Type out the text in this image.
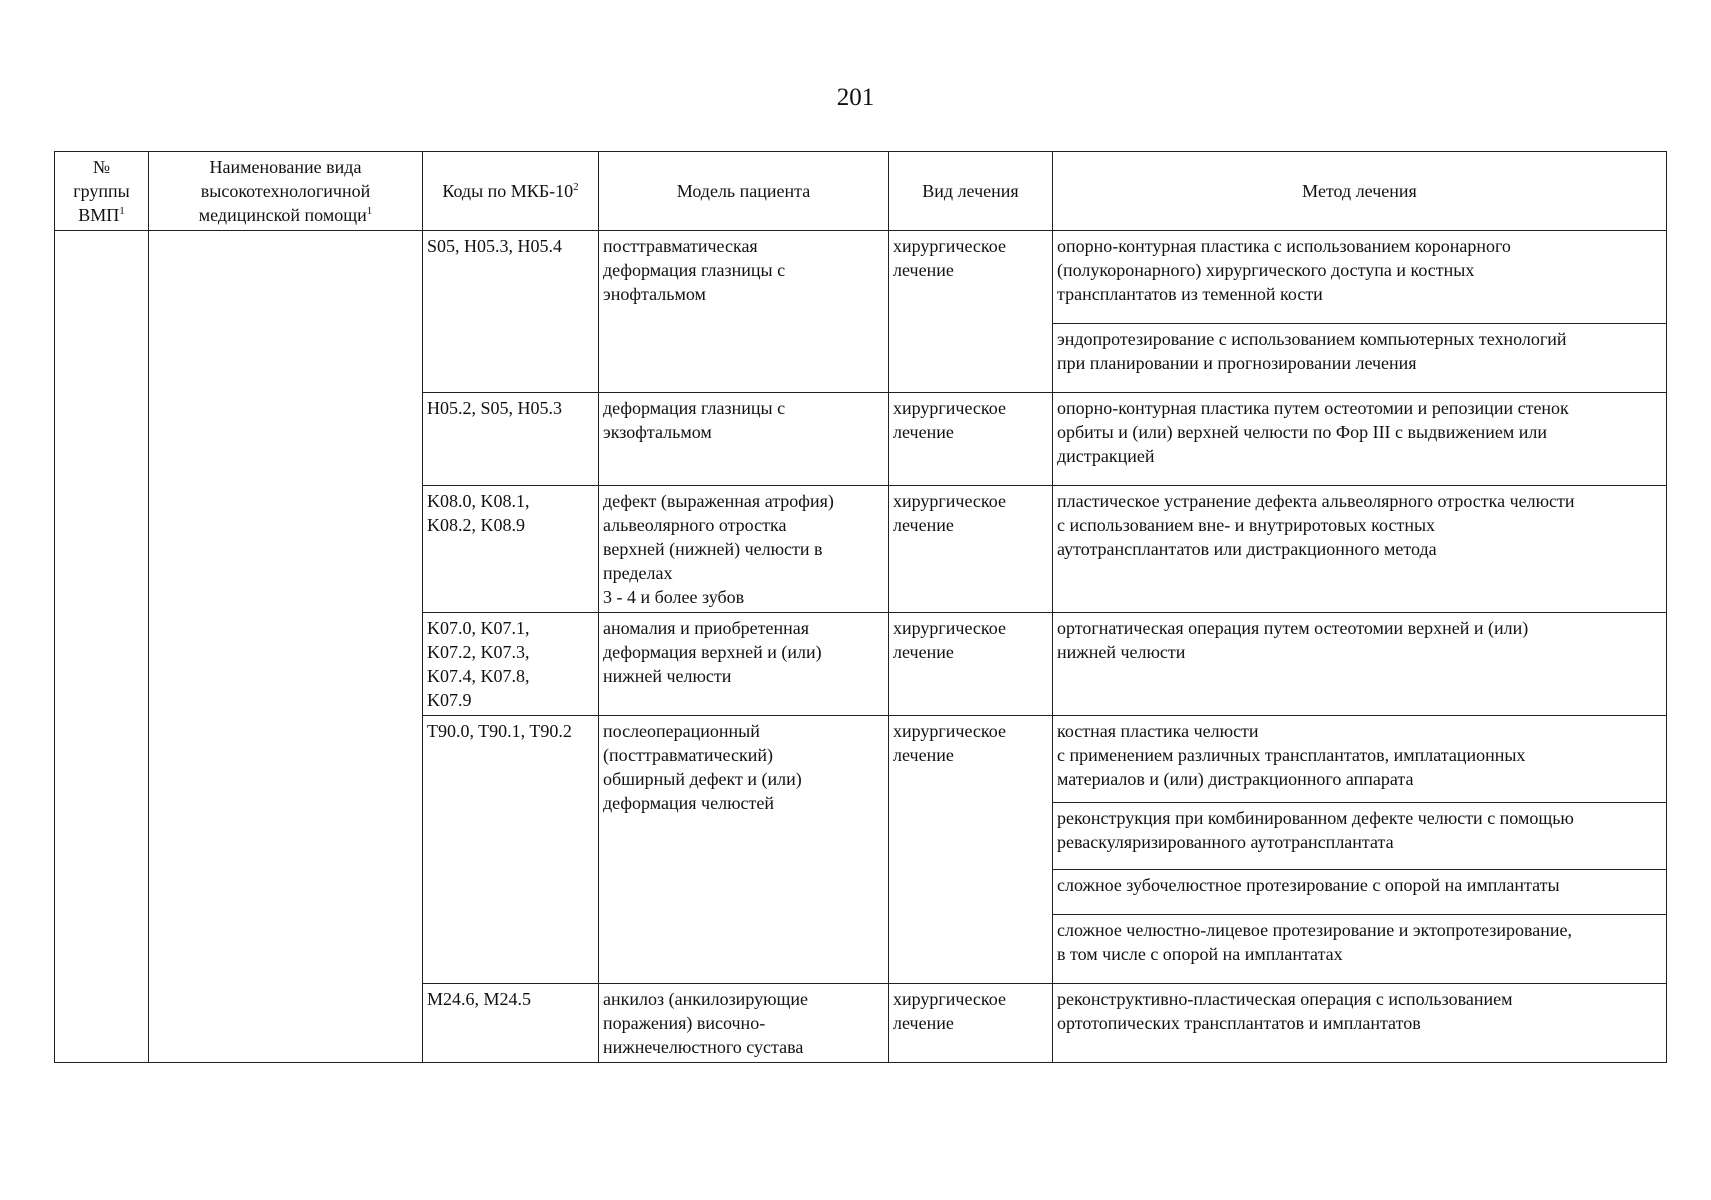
201
№
группы
ВМП$^1$	Наименование вида
высокотехнологичной
медицинской помощи$^1$	Коды по МКБ-$10^2$	Модель пациента	Вид лечения	Метод лечения
		S05, H05.3, H05.4	посттравматическая
деформация глазницы с
энофтальмом	хирургическое
лечение	опорно-контурная пластика с использованием коронарного
(полукоронарного) хирургического доступа и костных
трансплантатов из теменной кости
					эндопротезирование с использованием компьютерных технологий
при планировании и прогнозировании лечения
		H05.2, S05, H05.3	деформация глазницы с
экзофтальмом	хирургическое
лечение	опорно-контурная пластика путем остеотомии и репозиции стенок
орбиты и (или) верхней челюсти по Фор III с выдвижением или
дистракцией
		K08.0, K08.1,
K08.2, K08.9	дефект (выраженная атрофия)
альвеолярного отростка
верхней (нижней) челюсти в
пределах
3 - 4 и более зубов	хирургическое
лечение	пластическое устранение дефекта альвеолярного отростка челюсти
с использованием вне- и внутриротовых костных
аутотрансплантатов или дистракционного метода
		K07.0, K07.1,
K07.2, K07.3,
K07.4, K07.8,
K07.9	аномалия и приобретенная
деформация верхней и (или)
нижней челюсти	хирургическое
лечение	ортогнатическая операция путем остеотомии верхней и (или)
нижней челюсти
		T90.0, T90.1, T90.2	послеоперационный
(посттравматический)
обширный дефект и (или)
деформация челюстей	хирургическое
лечение	костная пластика челюсти
с применением различных трансплантатов, имплатационных
материалов и (или) дистракционного аппарата
					реконструкция при комбинированном дефекте челюсти с помощью
реваскуляризированного аутотрансплантата
					сложное зубочелюстное протезирование с опорой на имплантаты
					сложное челюстно-лицевое протезирование и эктопротезирование,
в том числе с опорой на имплантатах
		M24.6, M24.5	анкилоз (анкилозирующие
поражения) височно-
нижнечелюстного сустава	хирургическое
лечение	реконструктивно-пластическая операция с использованием
ортотопических трансплантатов и имплантатов
